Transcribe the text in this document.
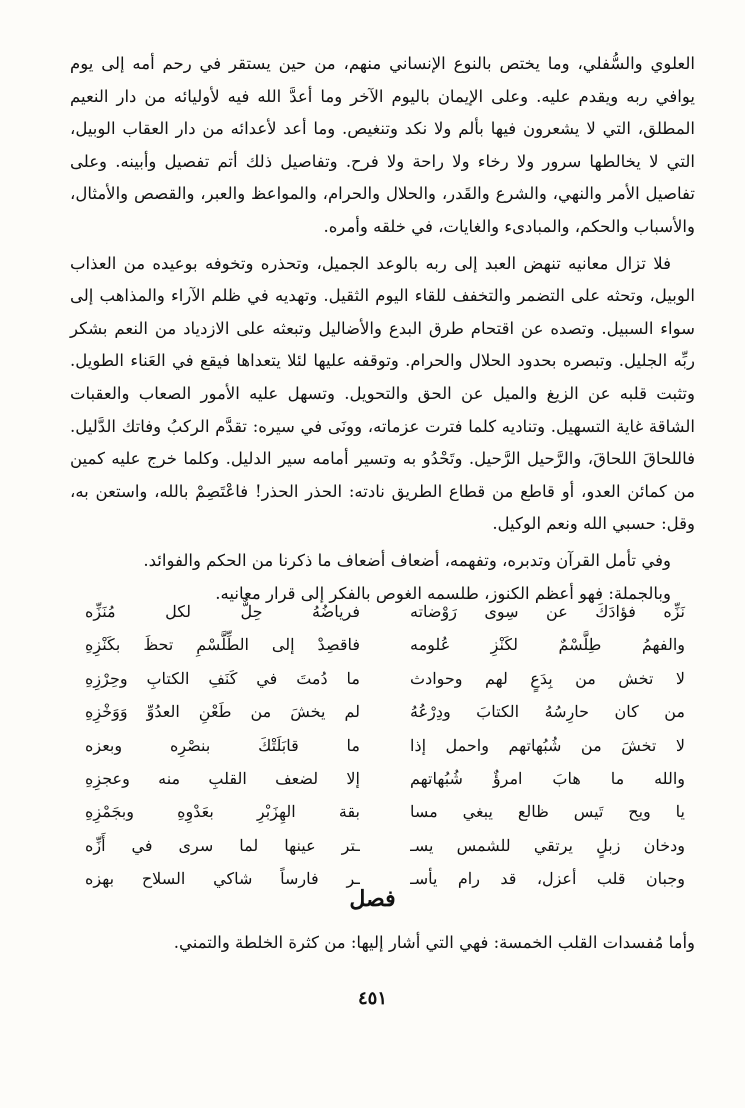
العلوي والسُّفلي، وما يختص بالنوع الإنساني منهم، من حين يستقر في رحم أمه إلى يوم يوافي ربه ويقدم عليه. وعلى الإيمان باليوم الآخر وما أعدَّ الله فيه لأوليائه من دار النعيم المطلق، التي لا يشعرون فيها بألم ولا نكد وتنغيص. وما أعد لأعدائه من دار العقاب الوبيل، التي لا يخالطها سرور ولا رخاء ولا راحة ولا فرح. وتفاصيل ذلك أتم تفصيل وأبينه. وعلى تفاصيل الأمر والنهي، والشرع والقَدر، والحلال والحرام، والمواعظ والعبر، والقصص والأمثال، والأسباب والحكم، والمبادىء والغايات، في خلقه وأمره.

فلا تزال معانيه تنهض العبد إلى ربه بالوعد الجميل، وتحذره وتخوفه بوعيده من العذاب الوبيل، وتحثه على التضمر والتخفف للقاء اليوم الثقيل. وتهديه في ظلم الآراء والمذاهب إلى سواء السبيل. وتصده عن اقتحام طرق البدع والأضاليل وتبعثه على الازدياد من النعم بشكر ربِّه الجليل. وتبصره بحدود الحلال والحرام. وتوقفه عليها لئلا يتعداها فيقع في العَناء الطويل. وتثبت قلبه عن الزيغ والميل عن الحق والتحويل. وتسهل عليه الأمور الصعاب والعقبات الشاقة غاية التسهيل. وتناديه كلما فترت عزماته، وونَى في سيره: تقدَّم الركبُ وفاتك الدَّليل. فاللحاقَ اللحاقَ، والرَّحيل الرَّحيل. وتَحْدُو به وتسير أمامه سير الدليل. وكلما خرج عليه كمين من كمائن العدو، أو قاطع من قطاع الطريق نادته: الحذر الحذر! فاعْتَصِمْ بالله، واستعن به، وقل: حسبي الله ونعم الوكيل.

وفي تأمل القرآن وتدبره، وتفهمه، أضعاف أضعاف ما ذكرنا من الحكم والفوائد.

وبالجملة: فهو أعظم الكنوز، طلسمه الغوص بالفكر إلى قرار معانيه.

نَزِّه فؤادَكَ عن سِوى رَوْضاته
فرياضُهُ حِلٌّ لكل مُنَزِّه
والفهمُ طِلَّسْمٌ لكَنْزِ عُلومه
فاقصِدْ إلى الطِّلَّسْمِ تحظَ بكَنْزِهِ
لا تخش من بِدَعٍ لهم وحوادث
ما دُمتَ في كَنَفِ الكتابِ وحِرْزِهِ
من كان حارِسُهُ الكتابَ ودِرْعُهُ
لم يخشَ من طَعْنِ العدُوِّ وَوَخْزِهِ
لا تخشَ من شُبُهاتهم واحمل إذا
ما قابَلَتْكَ بنصْرِه وبعزه
والله ما هابَ امرؤٌ شُبُهاتهم
إلا لضعف القلبِ منه وعجزِهِ
يا ويح تَيس ظالع يبغي مسا
بقة الهِزَبْرِ بعَدْوِهِ وبجَمْزِهِ
ودخان زبلٍ يرتقي للشمس يسـ
ـتر عينها لما سرى في أَزِّه
وجبان قلب أعزل، قد رام يأسـ
ـر فارساً شاكي السلاح بهزه
فصل
وأما مُفسدات القلب الخمسة: فهي التي أشار إليها: من كثرة الخلطة والتمني.
٤٥١
